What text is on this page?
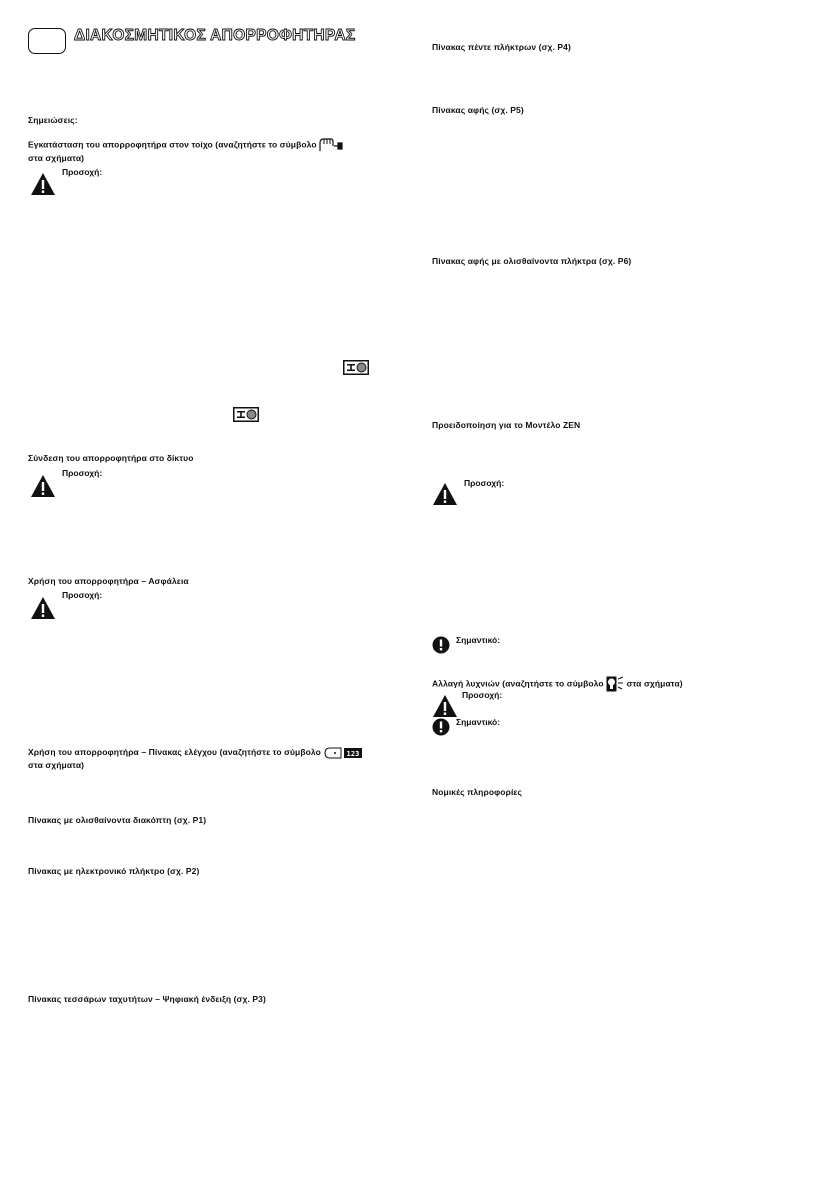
ΔΙΑΚΟΣΜΗΤΙΚΟΣ ΑΠΟΡΡΟΦΗΤΗΡΑΣ
Σημειώσεις:
Εγκατάσταση του απορροφητήρα στον τοίχο (αναζητήστε το σύμβολο

στα σχήματα)
Προσοχή:
Σύνδεση του απορροφητήρα στο δίκτυο
Προσοχή:
Χρήση του απορροφητήρα – Ασφάλεια
Προσοχή:
Χρήση του απορροφητήρα – Πίνακας ελέγχου (αναζητήστε το σύμβολο	123

στα σχήματα)
Πίνακας με ολισθαίνοντα διακόπτη (σχ. P1)
Πίνακας με ηλεκτρονικό πλήκτρο (σχ. P2)
Πίνακας τεσσάρων ταχυτήτων – Ψηφιακή ένδειξη (σχ. P3)
Πίνακας πέντε πλήκτρων (σχ. P4)
Πίνακας αφής (σχ. P5)
Πίνακας αφής με ολισθαίνοντα πλήκτρα (σχ. P6)
Προειδοποίηση για το Μοντέλο ZEN
Προσοχή:
Σημαντικό:
Αλλαγή λυχνιών (αναζητήστε το σύμβολο	στα σχήματα)
Προσοχή:
Σημαντικό:
Νομικές πληροφορίες
